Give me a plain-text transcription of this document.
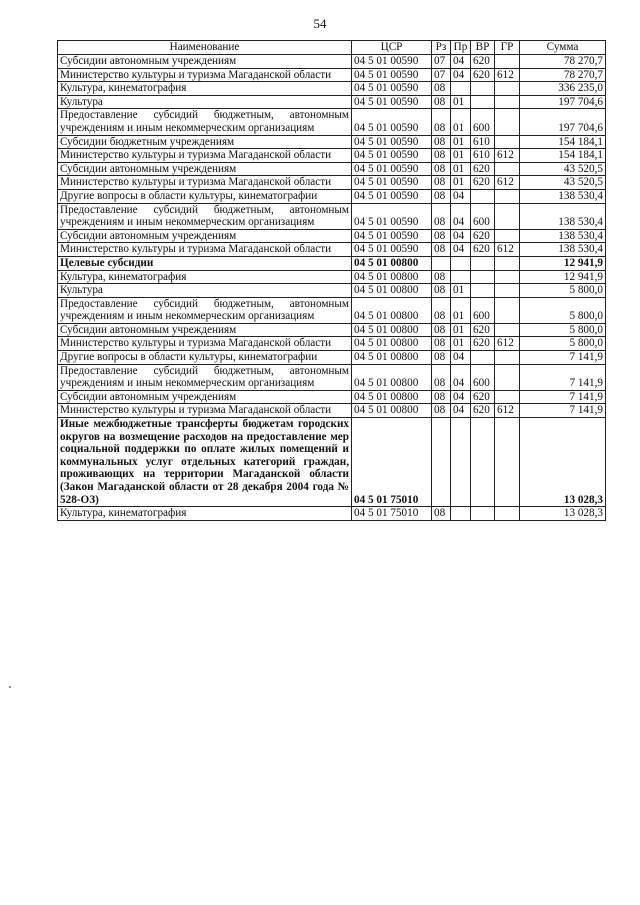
54
Наименование	ЦСР	Рз	Пр	ВР	ГР	Сумма
Субсидии автономным учреждениям	04 5 01 00590	07	04	620		78 270,7
Министерство культуры и туризма Магаданской области	04 5 01 00590	07	04	620	612	78 270,7
Культура, кинематография	04 5 01 00590	08				336 235,0
Культура	04 5 01 00590	08	01			197 704,6
Предоставление субсидий бюджетным, автономным учреждениям и иным некоммерческим организациям	04 5 01 00590	08	01	600		197 704,6
Субсидии бюджетным учреждениям	04 5 01 00590	08	01	610		154 184,1
Министерство культуры и туризма Магаданской области	04 5 01 00590	08	01	610	612	154 184,1
Субсидии автономным учреждениям	04 5 01 00590	08	01	620		43 520,5
Министерство культуры и туризма Магаданской области	04 5 01 00590	08	01	620	612	43 520,5
Другие вопросы в области культуры, кинематографии	04 5 01 00590	08	04			138 530,4
Предоставление субсидий бюджетным, автономным учреждениям и иным некоммерческим организациям	04 5 01 00590	08	04	600		138 530,4
Субсидии автономным учреждениям	04 5 01 00590	08	04	620		138 530,4
Министерство культуры и туризма Магаданской области	04 5 01 00590	08	04	620	612	138 530,4
Целевые субсидии	04 5 01 00800					12 941,9
Культура, кинематография	04 5 01 00800	08				12 941,9
Культура	04 5 01 00800	08	01			5 800,0
Предоставление субсидий бюджетным, автономным учреждениям и иным некоммерческим организациям	04 5 01 00800	08	01	600		5 800,0
Субсидии автономным учреждениям	04 5 01 00800	08	01	620		5 800,0
Министерство культуры и туризма Магаданской области	04 5 01 00800	08	01	620	612	5 800,0
Другие вопросы в области культуры, кинематографии	04 5 01 00800	08	04			7 141,9
Предоставление субсидий бюджетным, автономным учреждениям и иным некоммерческим организациям	04 5 01 00800	08	04	600		7 141,9
Субсидии автономным учреждениям	04 5 01 00800	08	04	620		7 141,9
Министерство культуры и туризма Магаданской области	04 5 01 00800	08	04	620	612	7 141,9
Иные межбюджетные трансферты бюджетам городских округов на возмещение расходов на предоставление мер социальной поддержки по оплате жилых помещений и коммунальных услуг отдельных категорий граждан, проживающих на территории Магаданской области (Закон Магаданской области от 28 декабря 2004 года № 528-ОЗ)	04 5 01 75010					13 028,3
Культура, кинематография	04 5 01 75010	08				13 028,3
